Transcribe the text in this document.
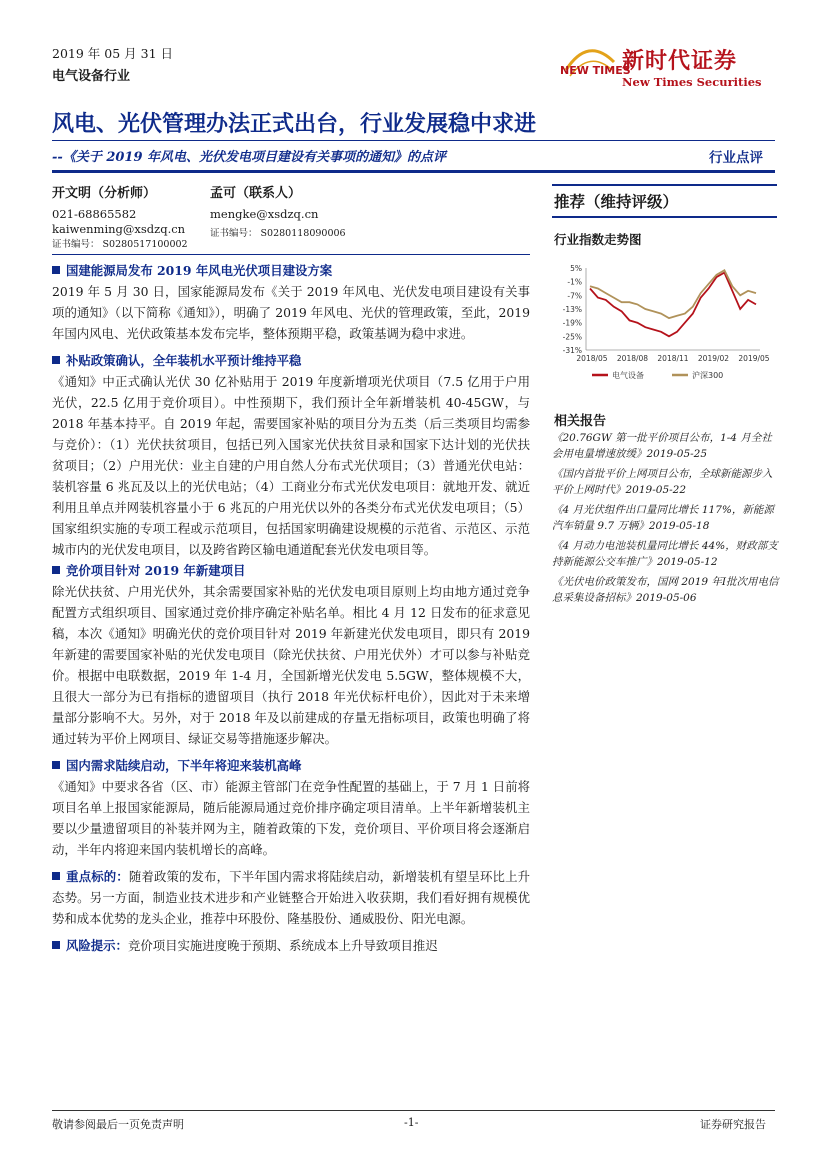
2019 年 05 月 31 日
电气设备行业	NEW TIMES
新时代证券
New Times Securities
风电、光伏管理办法正式出台，行业发展稳中求进
--《关于 2019 年风电、光伏发电项目建设有关事项的通知》的点评	行业点评
开文明（分析师）
021-68865582
kaiwenming@xsdzq.cn
证书编号： S0280517100002
孟可（联系人）
mengke@xsdzq.cn
证书编号： S0280118090006
推荐（维持评级）
行业指数走势图
5%
-1%
-7%
-13%
-19%
-25%
-31%
2018/05 2018/08 2018/11 2019/02 2019/05
电气设备	沪深300
相关报告
《20.76GW 第一批平价项目公布，1-4 月全社会用电量增速放缓》2019-05-25
《国内首批平价上网项目公布，全球新能源步入平价上网时代》2019-05-22
《4 月光伏组件出口量同比增长 117%，新能源汽车销量 9.7 万辆》2019-05-18
《4 月动力电池装机量同比增长 44%，财政部支持新能源公交车推广》2019-05-12
《光伏电价政策发布，国网 2019 年Ⅰ批次用电信息采集设备招标》2019-05-06
国建能源局发布 2019 年风电光伏项目建设方案
2019 年 5 月 30 日，国家能源局发布《关于 2019 年风电、光伏发电项目建设有关事项的通知》（以下简称《通知》），明确了 2019 年风电、光伏的管理政策，至此，2019 年国内风电、光伏政策基本发布完毕，整体预期平稳，政策基调为稳中求进。
补贴政策确认，全年装机水平预计维持平稳
《通知》中正式确认光伏 30 亿补贴用于 2019 年度新增项光伏项目（7.5 亿用于户用光伏，22.5 亿用于竞价项目）。中性预期下，我们预计全年新增装机 40-45GW，与 2018 年基本持平。自 2019 年起，需要国家补贴的项目分为五类（后三类项目均需参与竞价）：（1）光伏扶贫项目，包括已列入国家光伏扶贫目录和国家下达计划的光伏扶贫项目；（2）户用光伏：业主自建的户用自然人分布式光伏项目；（3）普通光伏电站：装机容量 6 兆瓦及以上的光伏电站；（4）工商业分布式光伏发电项目：就地开发、就近利用且单点并网装机容量小于 6 兆瓦的户用光伏以外的各类分布式光伏发电项目；（5）国家组织实施的专项工程或示范项目，包括国家明确建设规模的示范省、示范区、示范城市内的光伏发电项目，以及跨省跨区输电通道配套光伏发电项目等。
竞价项目针对 2019 年新建项目
除光伏扶贫、户用光伏外，其余需要国家补贴的光伏发电项目原则上均由地方通过竞争配置方式组织项目、国家通过竞价排序确定补贴名单。相比 4 月 12 日发布的征求意见稿，本次《通知》明确光伏的竞价项目针对 2019 年新建光伏发电项目，即只有 2019 年新建的需要国家补贴的光伏发电项目（除光伏扶贫、户用光伏外）才可以参与补贴竞价。根据中电联数据，2019 年 1-4 月，全国新增光伏发电 5.5GW，整体规模不大，且很大一部分为已有指标的遗留项目（执行 2018 年光伏标杆电价），因此对于未来增量部分影响不大。另外，对于 2018 年及以前建成的存量无指标项目，政策也明确了将通过转为平价上网项目、绿证交易等措施逐步解决。
国内需求陆续启动，下半年将迎来装机高峰
《通知》中要求各省（区、市）能源主管部门在竞争性配置的基础上，于 7 月 1 日前将项目名单上报国家能源局，随后能源局通过竞价排序确定项目清单。上半年新增装机主要以少量遗留项目的补装并网为主，随着政策的下发，竞价项目、平价项目将会逐渐启动，半年内将迎来国内装机增长的高峰。
重点标的：随着政策的发布，下半年国内需求将陆续启动，新增装机有望呈环比上升态势。另一方面，制造业技术进步和产业链整合开始进入收获期，我们看好拥有规模优势和成本优势的龙头企业，推荐中环股份、隆基股份、通威股份、阳光电源。
风险提示：竞价项目实施进度晚于预期、系统成本上升导致项目推迟
敬请参阅最后一页免责声明	-1-	证券研究报告
